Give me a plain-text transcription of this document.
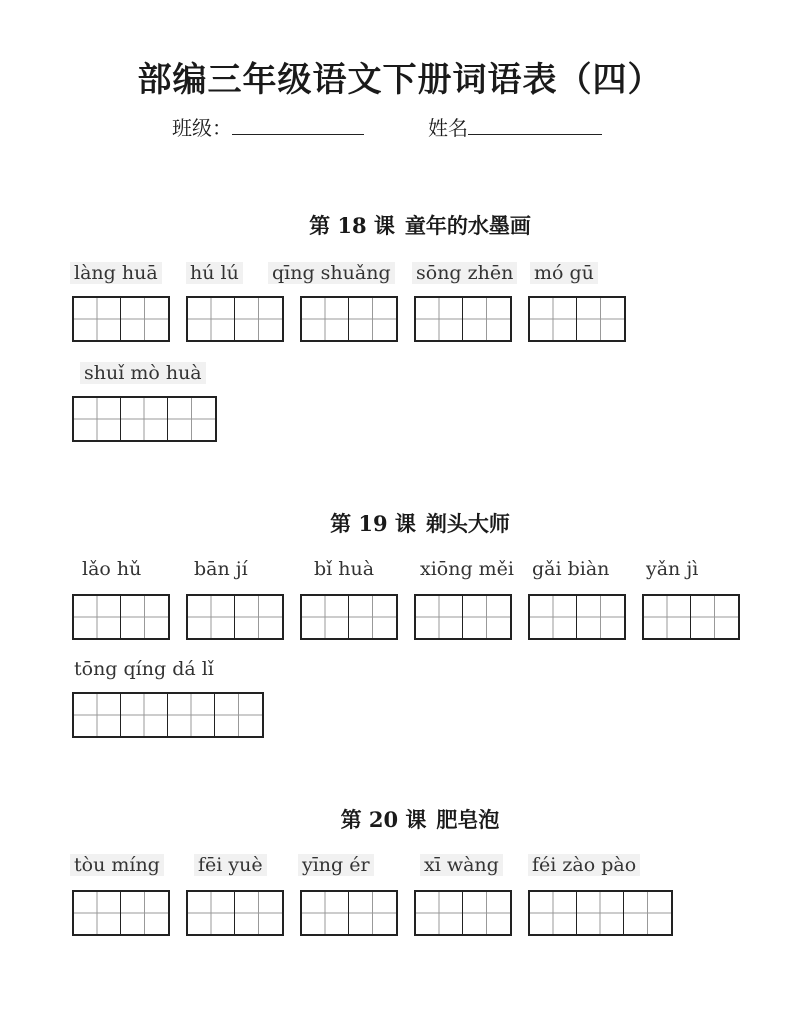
部编三年级语文下册词语表（四）
班级：	姓名
第 18 课 童年的水墨画
làng huā hú lú qīng shuǎng sōng zhēn mó gū
shuǐ mò huà
第 19 课 剃头大师
lǎo hǔ	bān jí	bǐ huà xiōng měi gǎi biàn yǎn jì
tōng qíng dá lǐ
第 20 课 肥皂泡
tòu míng fēi yuè yīng ér	xī wàng féi zào pào
